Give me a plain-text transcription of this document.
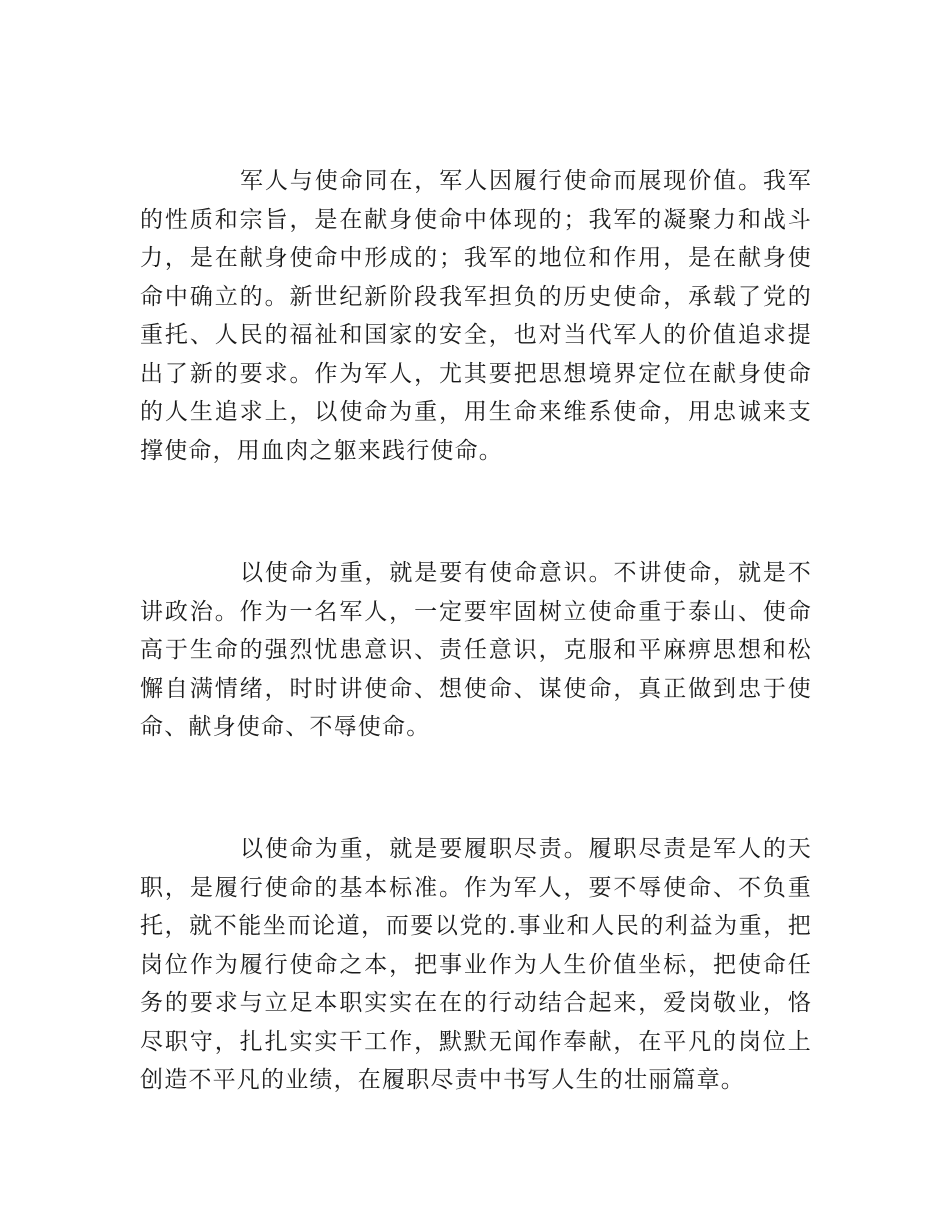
军人与使命同在，军人因履行使命而展现价值。我军的性质和宗旨，是在献身使命中体现的；我军的凝聚力和战斗力，是在献身使命中形成的；我军的地位和作用，是在献身使命中确立的。新世纪新阶段我军担负的历史使命，承载了党的重托、人民的福祉和国家的安全，也对当代军人的价值追求提出了新的要求。作为军人，尤其要把思想境界定位在献身使命的人生追求上，以使命为重，用生命来维系使命，用忠诚来支撑使命，用血肉之躯来践行使命。

以使命为重，就是要有使命意识。不讲使命，就是不讲政治。作为一名军人，一定要牢固树立使命重于泰山、使命高于生命的强烈忧患意识、责任意识，克服和平麻痹思想和松懈自满情绪，时时讲使命、想使命、谋使命，真正做到忠于使命、献身使命、不辱使命。

以使命为重，就是要履职尽责。履职尽责是军人的天职，是履行使命的基本标准。作为军人，要不辱使命、不负重托，就不能坐而论道，而要以党的.事业和人民的利益为重，把岗位作为履行使命之本，把事业作为人生价值坐标，把使命任务的要求与立足本职实实在在的行动结合起来，爱岗敬业，恪尽职守，扎扎实实干工作，默默无闻作奉献，在平凡的岗位上创造不平凡的业绩，在履职尽责中书写人生的壮丽篇章。
